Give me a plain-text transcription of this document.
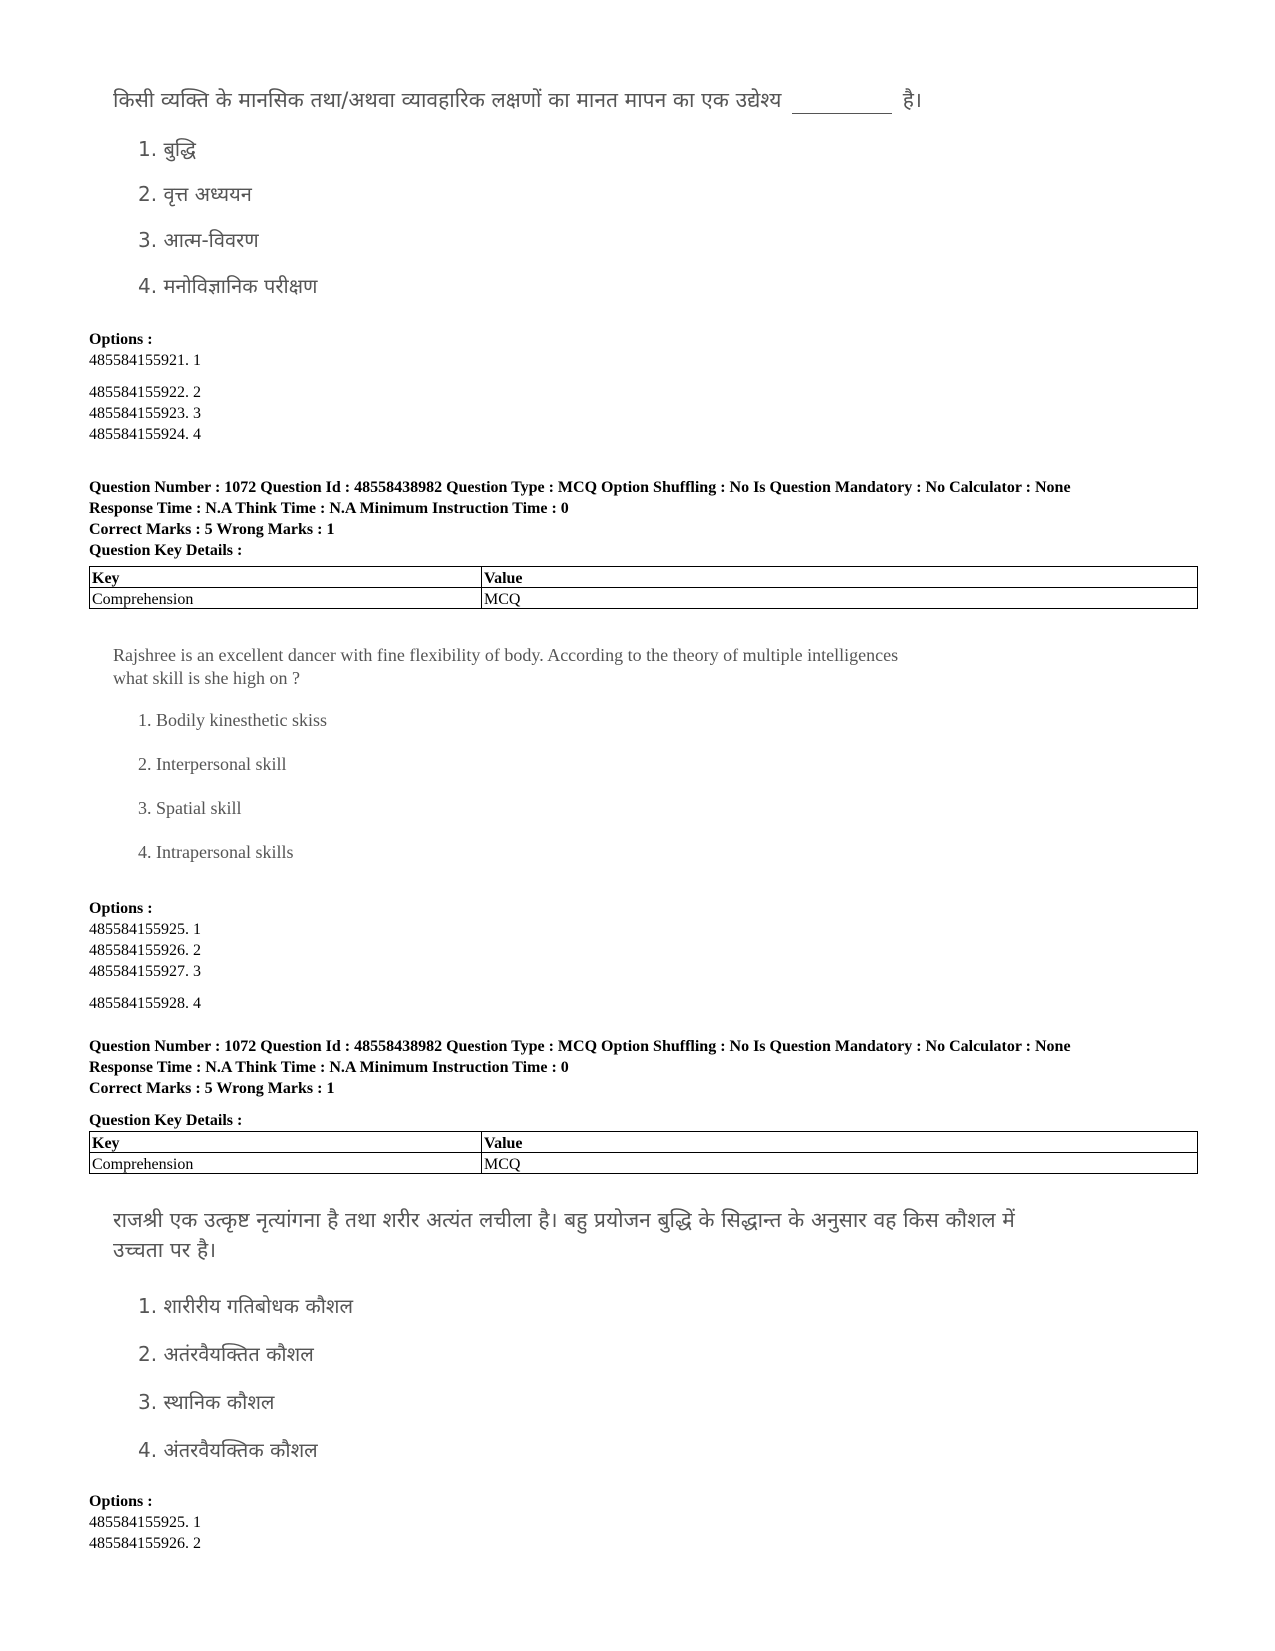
किसी व्यक्ति के मानसिक तथा/अथवा व्यावहारिक लक्षणों का मानत मापन का एक उद्येश्य	है।
1. बुद्धि
2. वृत्त अध्ययन
3. आत्म-विवरण
4. मनोविज्ञानिक परीक्षण
Options :
485584155921. 1
485584155922. 2
485584155923. 3
485584155924. 4
Question Number : 1072 Question Id : 48558438982 Question Type : MCQ Option Shuffling : No Is Question Mandatory : No Calculator : None
Response Time : N.A Think Time : N.A Minimum Instruction Time : 0
Correct Marks : 5 Wrong Marks : 1
Question Key Details :
Key	Value
Comprehension	MCQ
Rajshree is an excellent dancer with fine flexibility of body. According to the theory of multiple intelligences
what skill is she high on ?
1. Bodily kinesthetic skiss
2. Interpersonal skill
3. Spatial skill
4. Intrapersonal skills
Options :
485584155925. 1
485584155926. 2
485584155927. 3
485584155928. 4
Question Number : 1072 Question Id : 48558438982 Question Type : MCQ Option Shuffling : No Is Question Mandatory : No Calculator : None
Response Time : N.A Think Time : N.A Minimum Instruction Time : 0
Correct Marks : 5 Wrong Marks : 1
Question Key Details :
Key	Value
Comprehension	MCQ
राजश्री एक उत्कृष्ट नृत्यांगना है तथा शरीर अत्यंत लचीला है। बहु प्रयोजन बुद्धि के सिद्धान्त के अनुसार वह किस कौशल में
उच्चता पर है।
1. शारीरीय गतिबोधक कौशल
2. अतंरवैयक्तित कौशल
3. स्थानिक कौशल
4. अंतरवैयक्तिक कौशल
Options :
485584155925. 1
485584155926. 2
